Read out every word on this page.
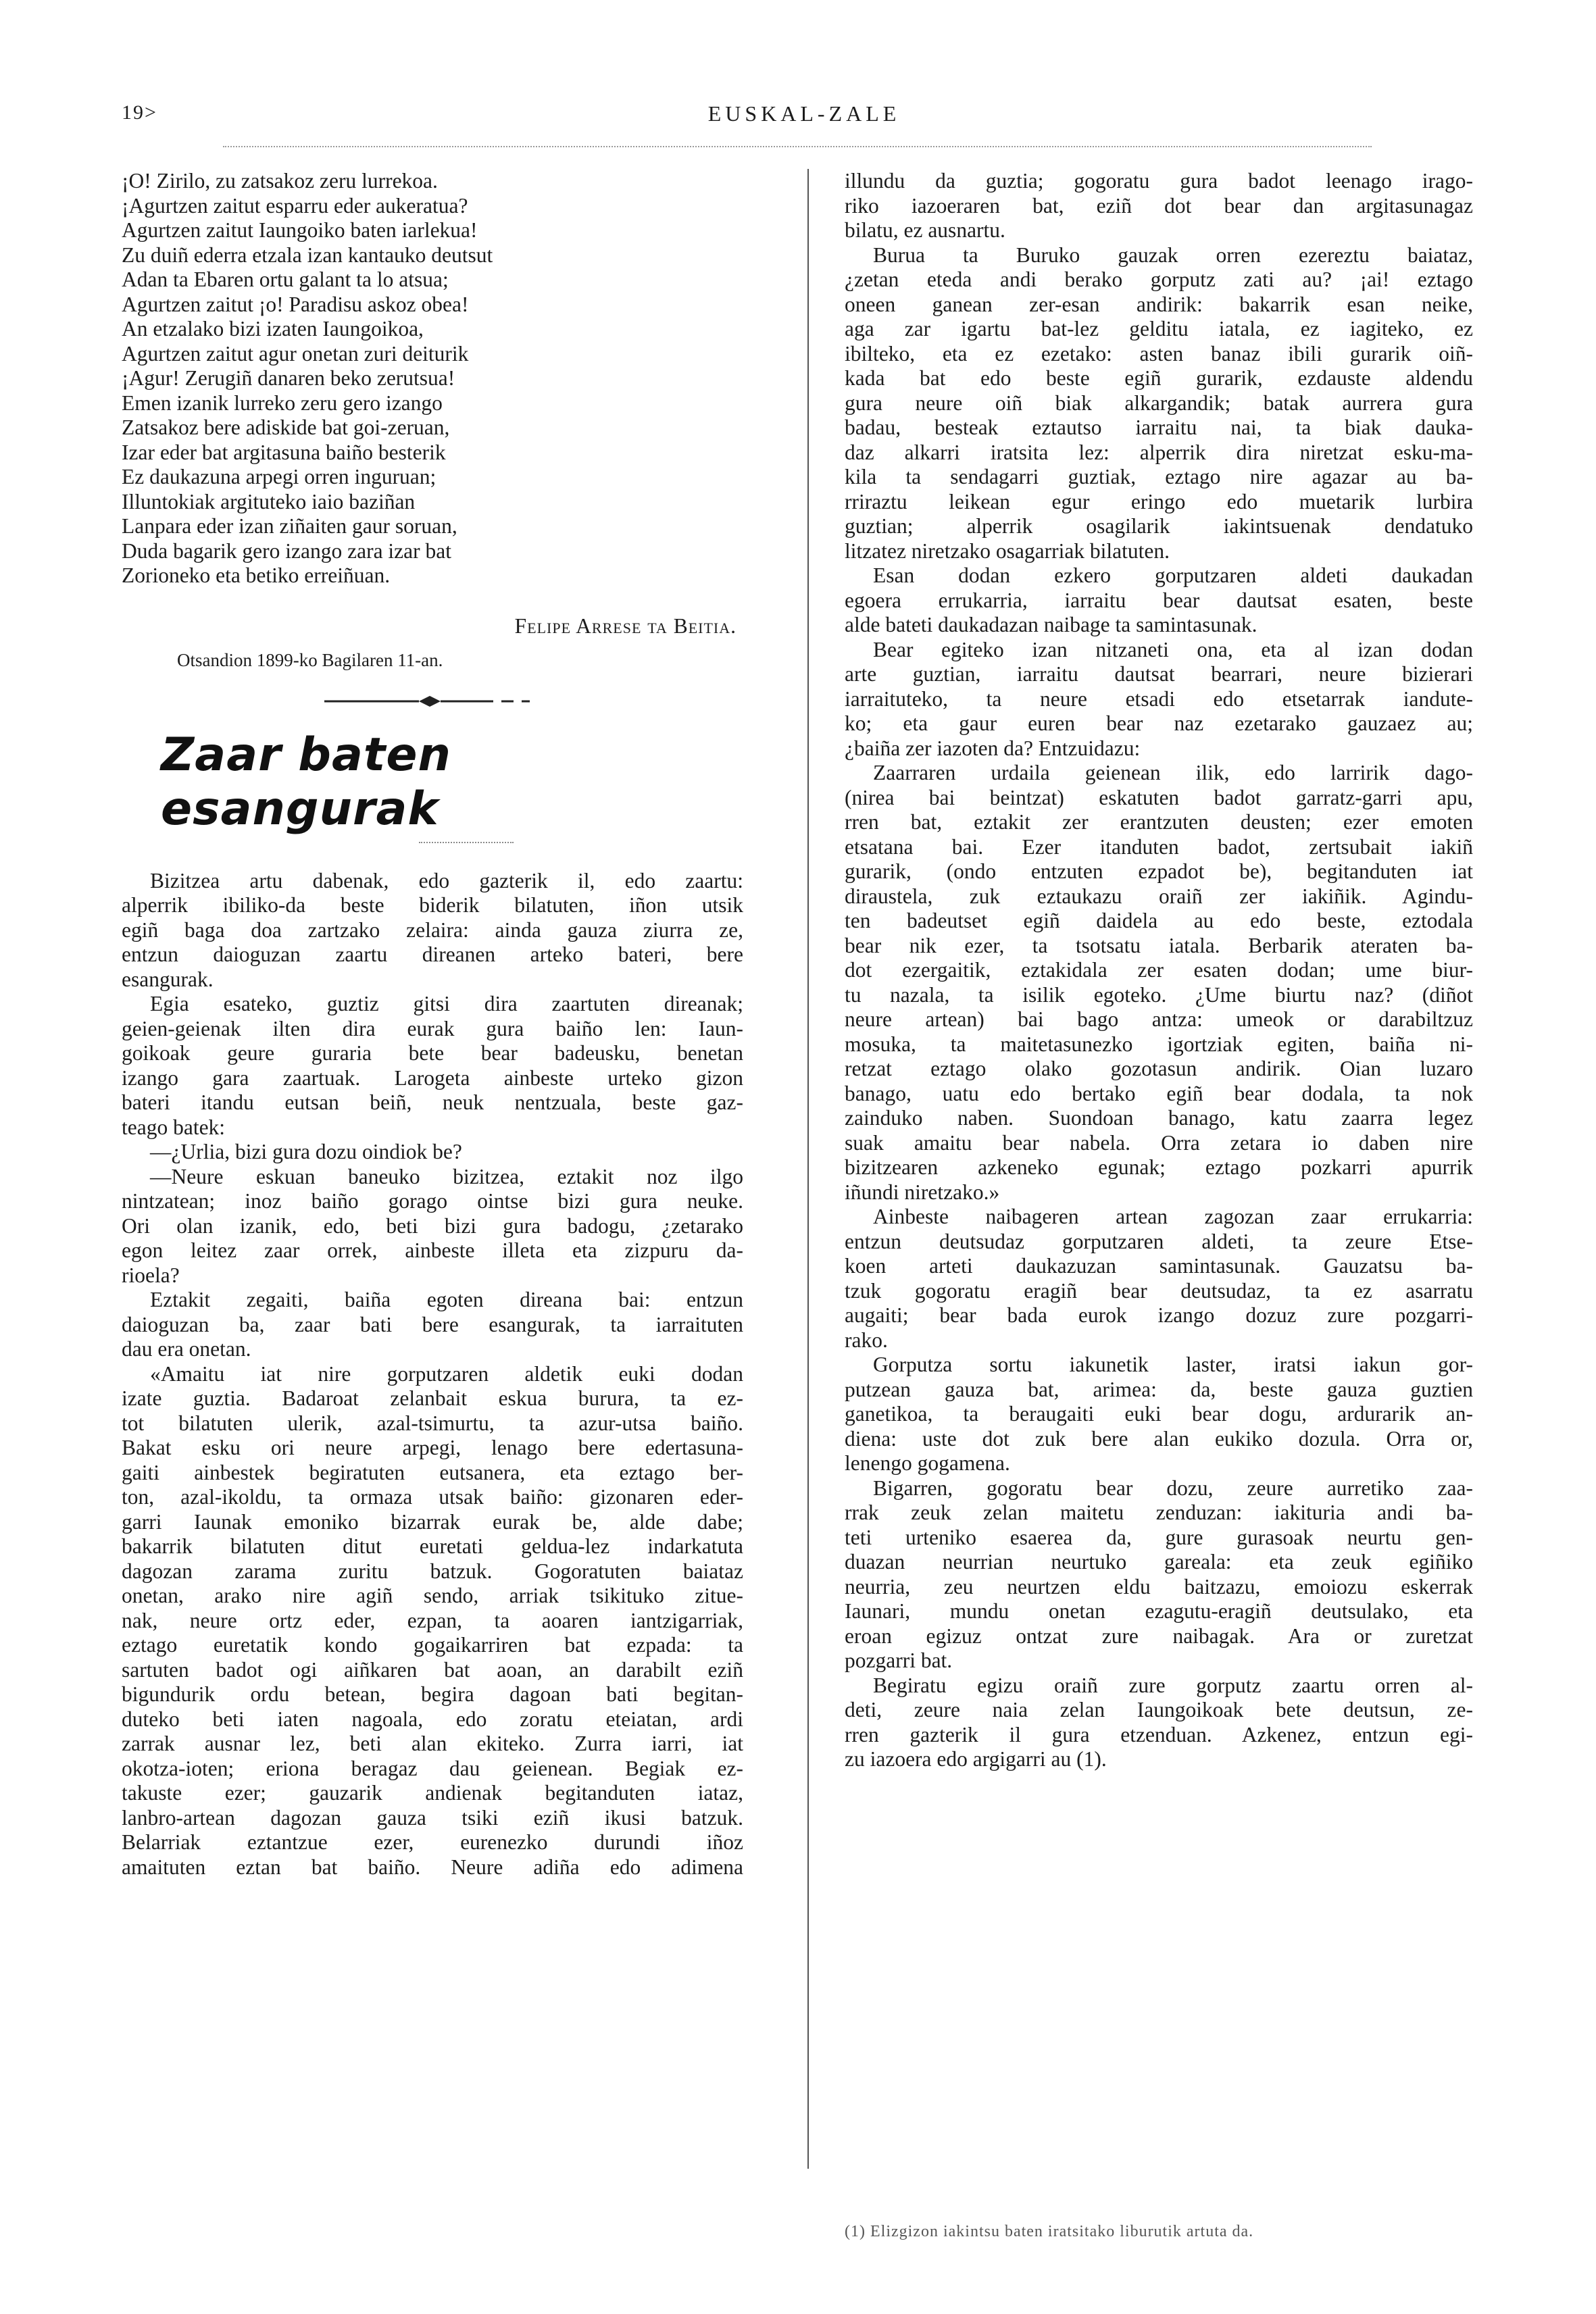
19>	EUSKAL-ZALE
¡O! Zirilo, zu zatsakoz zeru lurrekoa.
¡Agurtzen zaitut esparru eder aukeratua?
Agurtzen zaitut Iaungoiko baten iarlekua!
Zu duiñ ederra etzala izan kantauko deutsut
Adan ta Ebaren ortu galant ta lo atsua;
Agurtzen zaitut ¡o! Paradisu askoz obea!
An etzalako bizi izaten Iaungoikoa,
Agurtzen zaitut agur onetan zuri deiturik
¡Agur! Zerugiñ danaren beko zerutsua!
Emen izanik lurreko zeru gero izango
Zatsakoz bere adiskide bat goi-zeruan,
Izar eder bat argitasuna baiño besterik
Ez daukazuna arpegi orren inguruan;
Illuntokiak argituteko iaio baziñan
Lanpara eder izan ziñaiten gaur soruan,
Duda bagarik gero izango zara izar bat
Zorioneko eta betiko erreiñuan.
Felipe Arrese ta Beitia.
Otsandion 1899-ko Bagilaren 11-an.
Zaar baten esangurak
Bizitzea artu dabenak, edo gazterik il, edo zaartu:
alperrik ibiliko-da beste biderik bilatuten, iñon utsik
egiñ baga doa zartzako zelaira: ainda gauza ziurra ze,
entzun daioguzan zaartu direanen arteko bateri, bere
esangurak.
Egia esateko, guztiz gitsi dira zaartuten direanak;
geien-geienak ilten dira eurak gura baiño len: Iaun-
goikoak geure guraria bete bear badeusku, benetan
izango gara zaartuak. Larogeta ainbeste urteko gizon
bateri itandu eutsan beiñ, neuk nentzuala, beste gaz-
teago batek:
—¿Urlia, bizi gura dozu oindiok be?
—Neure eskuan baneuko bizitzea, eztakit noz ilgo
nintzatean; inoz baiño gorago ointse bizi gura neuke.
Ori olan izanik, edo, beti bizi gura badogu, ¿zetarako
egon leitez zaar orrek, ainbeste illeta eta zizpuru da-
rioela?
Eztakit zegaiti, baiña egoten direana bai: entzun
daioguzan ba, zaar bati bere esangurak, ta iarraituten
dau era onetan.
«Amaitu iat nire gorputzaren aldetik euki dodan
izate guztia. Badaroat zelanbait eskua burura, ta ez-
tot bilatuten ulerik, azal-tsimurtu, ta azur-utsa baiño.
Bakat esku ori neure arpegi, lenago bere edertasuna-
gaiti ainbestek begiratuten eutsanera, eta eztago ber-
ton, azal-ikoldu, ta ormaza utsak baiño: gizonaren eder-
garri Iaunak emoniko bizarrak eurak be, alde dabe;
bakarrik bilatuten ditut euretati geldua-lez indarkatuta
dagozan zarama zuritu batzuk. Gogoratuten baiataz
onetan, arako nire agiñ sendo, arriak tsikituko zitue-
nak, neure ortz eder, ezpan, ta aoaren iantzigarriak,
eztago euretatik kondo gogaikarriren bat ezpada: ta
sartuten badot ogi aiñkaren bat aoan, an darabilt eziñ
bigundurik ordu betean, begira dagoan bati begitan-
duteko beti iaten nagoala, edo zoratu eteiatan, ardi
zarrak ausnar lez, beti alan ekiteko. Zurra iarri, iat
okotza-ioten; eriona beragaz dau geienean. Begiak ez-
takuste ezer; gauzarik andienak begitanduten iataz,
lanbro-artean dagozan gauza tsiki eziñ ikusi batzuk.
Belarriak eztantzue ezer, eurenezko durundi iñoz
amaituten eztan bat baiño. Neure adiña edo adimena
illundu da guztia; gogoratu gura badot leenago irago-
riko iazoeraren bat, eziñ dot bear dan argitasunagaz
bilatu, ez ausnartu.
Burua ta Buruko gauzak orren ezereztu baiataz,
¿zetan eteda andi berako gorputz zati au? ¡ai! eztago
oneen ganean zer-esan andirik: bakarrik esan neike,
aga zar igartu bat-lez gelditu iatala, ez iagiteko, ez
ibilteko, eta ez ezetako: asten banaz ibili gurarik oiñ-
kada bat edo beste egiñ gurarik, ezdauste aldendu
gura neure oiñ biak alkargandik; batak aurrera gura
badau, besteak eztautso iarraitu nai, ta biak dauka-
daz alkarri iratsita lez: alperrik dira niretzat esku-ma-
kila ta sendagarri guztiak, eztago nire agazar au ba-
rriraztu leikean egur eringo edo muetarik lurbira
guztian; alperrik osagilarik iakintsuenak dendatuko
litzatez niretzako osagarriak bilatuten.
Esan dodan ezkero gorputzaren aldeti daukadan
egoera errukarria, iarraitu bear dautsat esaten, beste
alde bateti daukadazan naibage ta samintasunak.
Bear egiteko izan nitzaneti ona, eta al izan dodan
arte guztian, iarraitu dautsat bearrari, neure bizierari
iarraituteko, ta neure etsadi edo etsetarrak iandute-
ko; eta gaur euren bear naz ezetarako gauzaez au;
¿baiña zer iazoten da? Entzuidazu:
Zaarraren urdaila geienean ilik, edo larririk dago-
(nirea bai beintzat) eskatuten badot garratz-garri apu,
rren bat, eztakit zer erantzuten deusten; ezer emoten
etsatana bai. Ezer itanduten badot, zertsubait iakiñ
gurarik, (ondo entzuten ezpadot be), begitanduten iat
diraustela, zuk eztaukazu oraiñ zer iakiñik. Agindu-
ten badeutset egiñ daidela au edo beste, eztodala
bear nik ezer, ta tsotsatu iatala. Berbarik ateraten ba-
dot ezergaitik, eztakidala zer esaten dodan; ume biur-
tu nazala, ta isilik egoteko. ¿Ume biurtu naz? (diñot
neure artean) bai bago antza: umeok or darabiltzuz
mosuka, ta maitetasunezko igortziak egiten, baiña ni-
retzat eztago olako gozotasun andirik. Oian luzaro
banago, uatu edo bertako egiñ bear dodala, ta nok
zainduko naben. Suondoan banago, katu zaarra legez
suak amaitu bear nabela. Orra zetara io daben nire
bizitzearen azkeneko egunak; eztago pozkarri apurrik
iñundi niretzako.»
Ainbeste naibageren artean zagozan zaar errukarria:
entzun deutsudaz gorputzaren aldeti, ta zeure Etse-
koen arteti daukazuzan samintasunak. Gauzatsu ba-
tzuk gogoratu eragiñ bear deutsudaz, ta ez asarratu
augaiti; bear bada eurok izango dozuz zure pozgarri-
rako.
Gorputza sortu iakunetik laster, iratsi iakun gor-
putzean gauza bat, arimea: da, beste gauza guztien
ganetikoa, ta beraugaiti euki bear dogu, ardurarik an-
diena: uste dot zuk bere alan eukiko dozula. Orra or,
lenengo gogamena.
Bigarren, gogoratu bear dozu, zeure aurretiko zaa-
rrak zeuk zelan maitetu zenduzan: iakituria andi ba-
teti urteniko esaerea da, gure gurasoak neurtu gen-
duazan neurrian neurtuko gareala: eta zeuk egiñiko
neurria, zeu neurtzen eldu baitzazu, emoiozu eskerrak
Iaunari, mundu onetan ezagutu-eragiñ deutsulako, eta
eroan egizuz ontzat zure naibagak. Ara or zuretzat
pozgarri bat.
Begiratu egizu oraiñ zure gorputz zaartu orren al-
deti, zeure naia zelan Iaungoikoak bete deutsun, ze-
rren gazterik il gura etzenduan. Azkenez, entzun egi-
zu iazoera edo argigarri au (1).
(1) Elizgizon iakintsu baten iratsitako liburutik artuta da.
